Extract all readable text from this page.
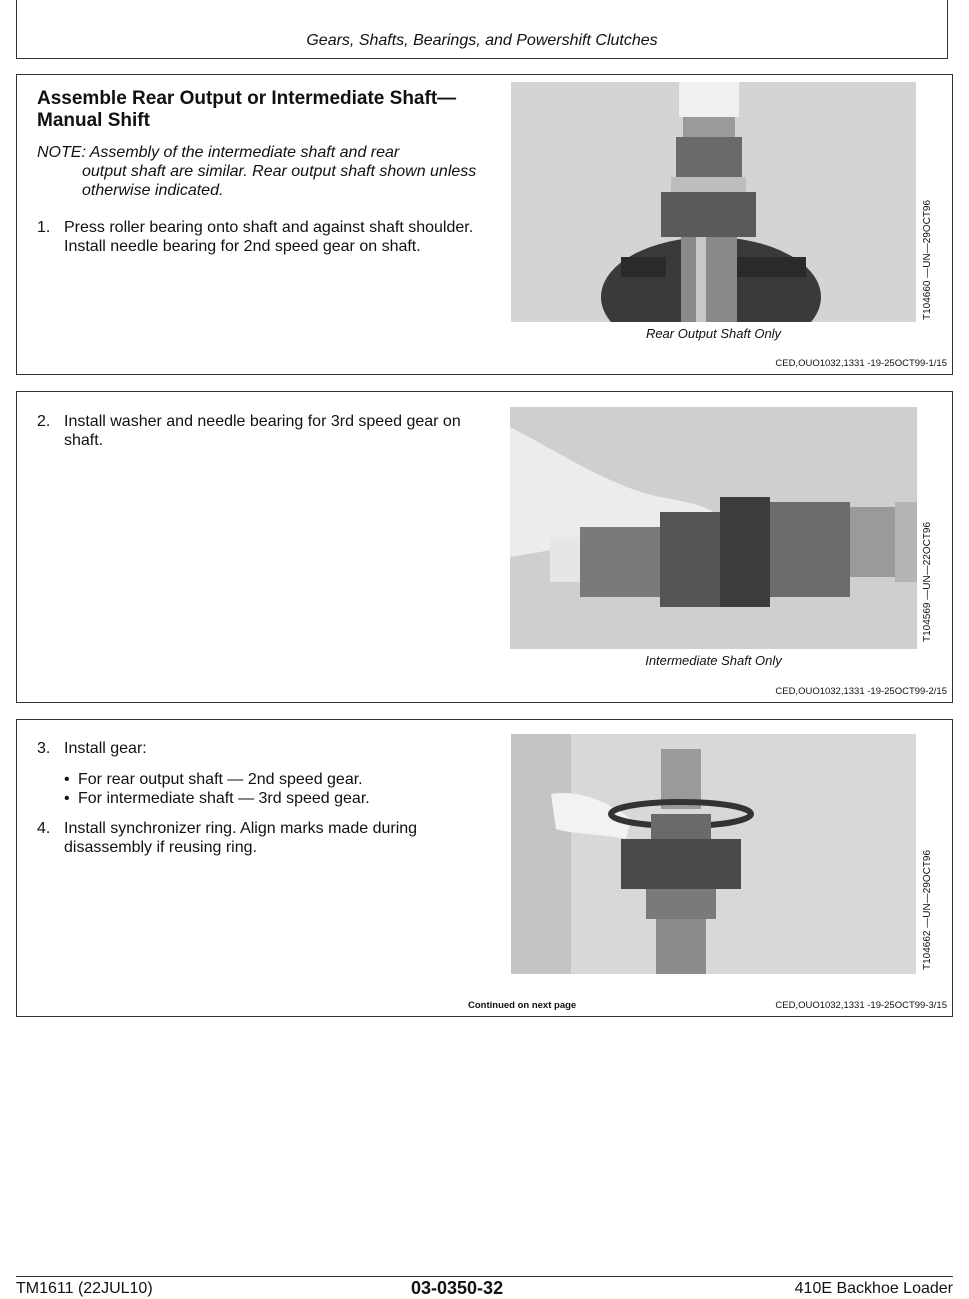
Gears, Shafts, Bearings, and Powershift Clutches
Assemble Rear Output or Intermediate Shaft—Manual Shift
NOTE: Assembly of the intermediate shaft and rear
output shaft are similar. Rear output shaft shown unless otherwise indicated.
1. Press roller bearing onto shaft and against shaft shoulder. Install needle bearing for 2nd speed gear on shaft.	T104660 —UN—29OCT96
Rear Output Shaft Only
CED,OUO1032,1331 -19-25OCT99-1/15
2. Install washer and needle bearing for 3rd speed gear on shaft.
T104569 —UN—22OCT96
Intermediate Shaft Only
CED,OUO1032,1331 -19-25OCT99-2/15
3. Install gear:
• For rear output shaft — 2nd speed gear.
• For intermediate shaft — 3rd speed gear.
4. Install synchronizer ring. Align marks made during disassembly if reusing ring.
T104662 —UN—29OCT96
Continued on next page	CED,OUO1032,1331 -19-25OCT99-3/15
TM1611 (22JUL10)	03-0350-32	410E Backhoe Loader
